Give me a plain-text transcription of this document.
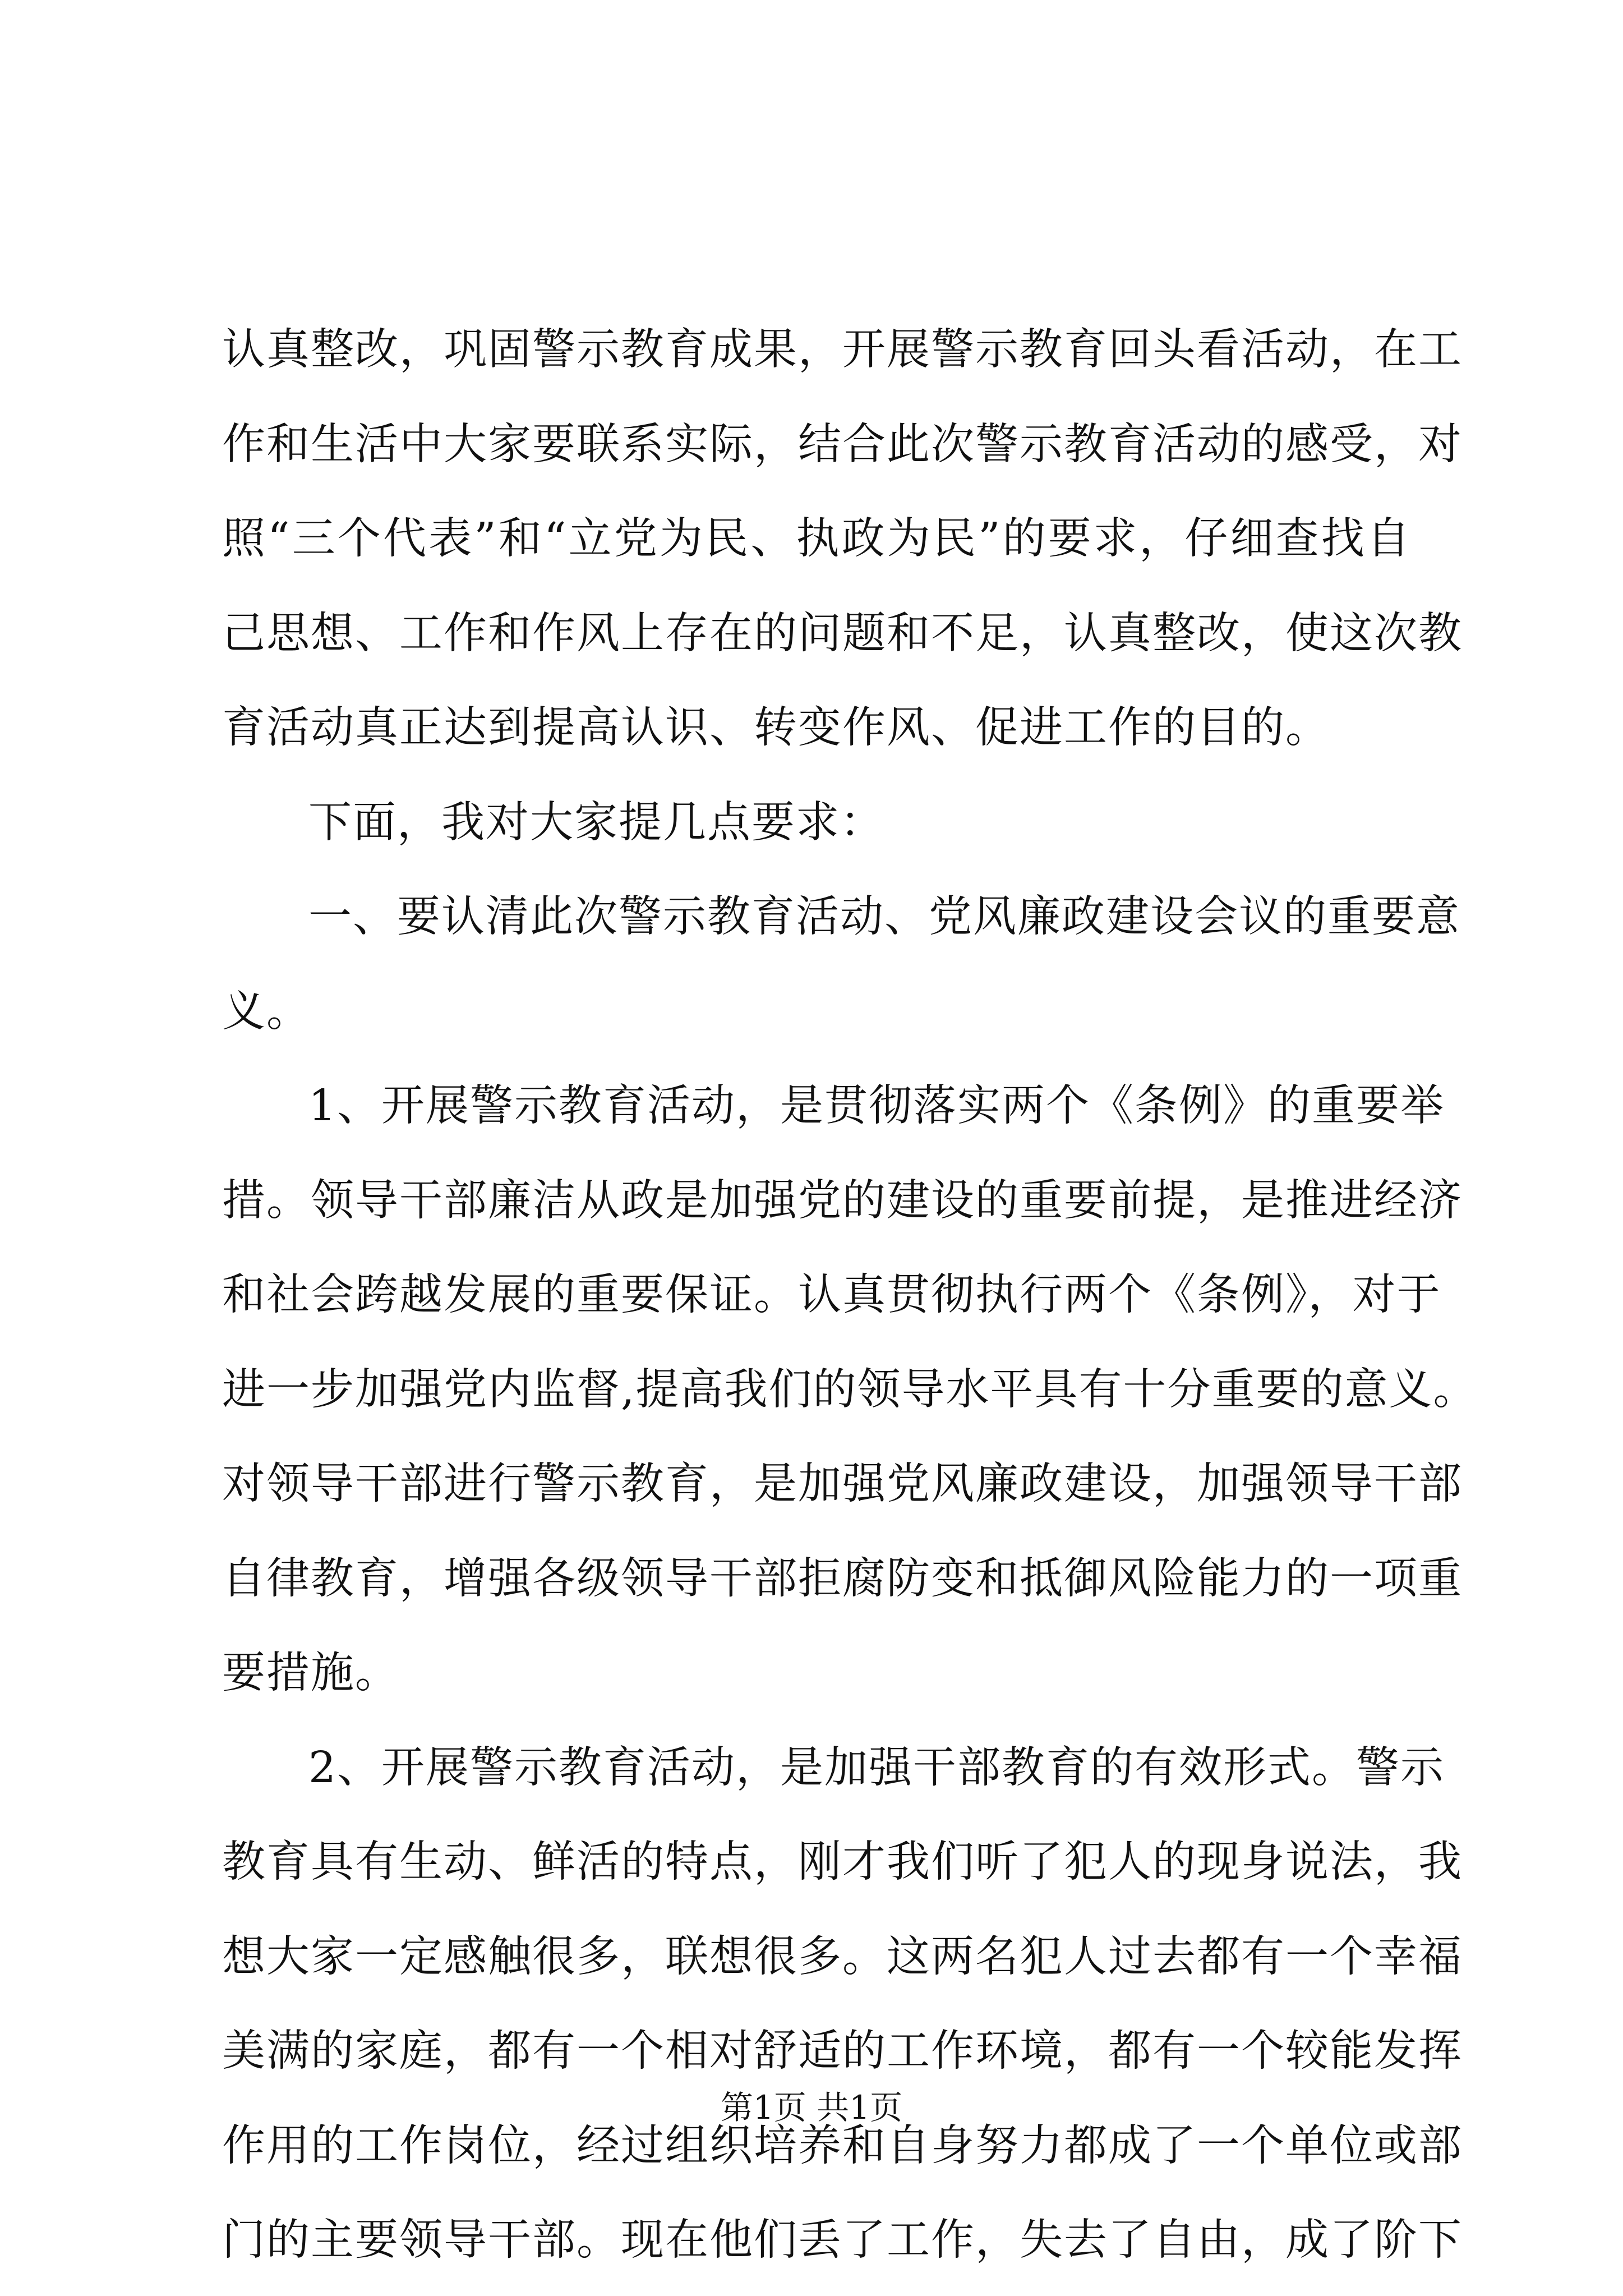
认真整改，巩固警示教育成果，开展警示教育回头看活动，在工
作和生活中大家要联系实际，结合此次警示教育活动的感受，对
照“三个代表”和“立党为民、执政为民”的要求，仔细查找自
己思想、工作和作风上存在的问题和不足，认真整改，使这次教
育活动真正达到提高认识、转变作风、促进工作的目的。
下面，我对大家提几点要求：
一、要认清此次警示教育活动、党风廉政建设会议的重要意
义。
1、开展警示教育活动，是贯彻落实两个《条例》的重要举
措。领导干部廉洁从政是加强党的建设的重要前提，是推进经济
和社会跨越发展的重要保证。认真贯彻执行两个《条例》，对于
进一步加强党内监督,提高我们的领导水平具有十分重要的意义。
对领导干部进行警示教育，是加强党风廉政建设，加强领导干部
自律教育，增强各级领导干部拒腐防变和抵御风险能力的一项重
要措施。
2、开展警示教育活动，是加强干部教育的有效形式。警示
教育具有生动、鲜活的特点，刚才我们听了犯人的现身说法，我
想大家一定感触很多，联想很多。这两名犯人过去都有一个幸福
美满的家庭，都有一个相对舒适的工作环境，都有一个较能发挥
作用的工作岗位，经过组织培养和自身努力都成了一个单位或部
门的主要领导干部。现在他们丢了工作，失去了自由，成了阶下
第1页 共1页
